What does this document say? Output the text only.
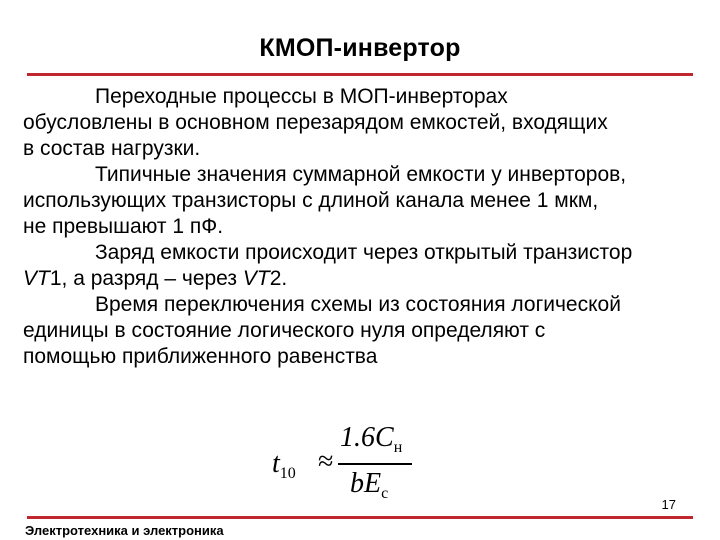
КМОП-инвертор

Переходные процессы в МОП-инверторах
обусловлены в основном перезарядом емкостей, входящих
в состав нагрузки.

Типичные значения суммарной емкости у инверторов,
использующих транзисторы с длиной канала менее 1 мкм,
не превышают 1 пФ.

Заряд емкости происходит через открытый транзистор
VT1, а разряд – через VT2.

Время переключения схемы из состояния логической
единицы в состояние логического нуля определяют с
помощью приближенного равенства

$t_{10}$ ≈
$1.6C_н$
$bE_c$
17
Электротехника и электроника
